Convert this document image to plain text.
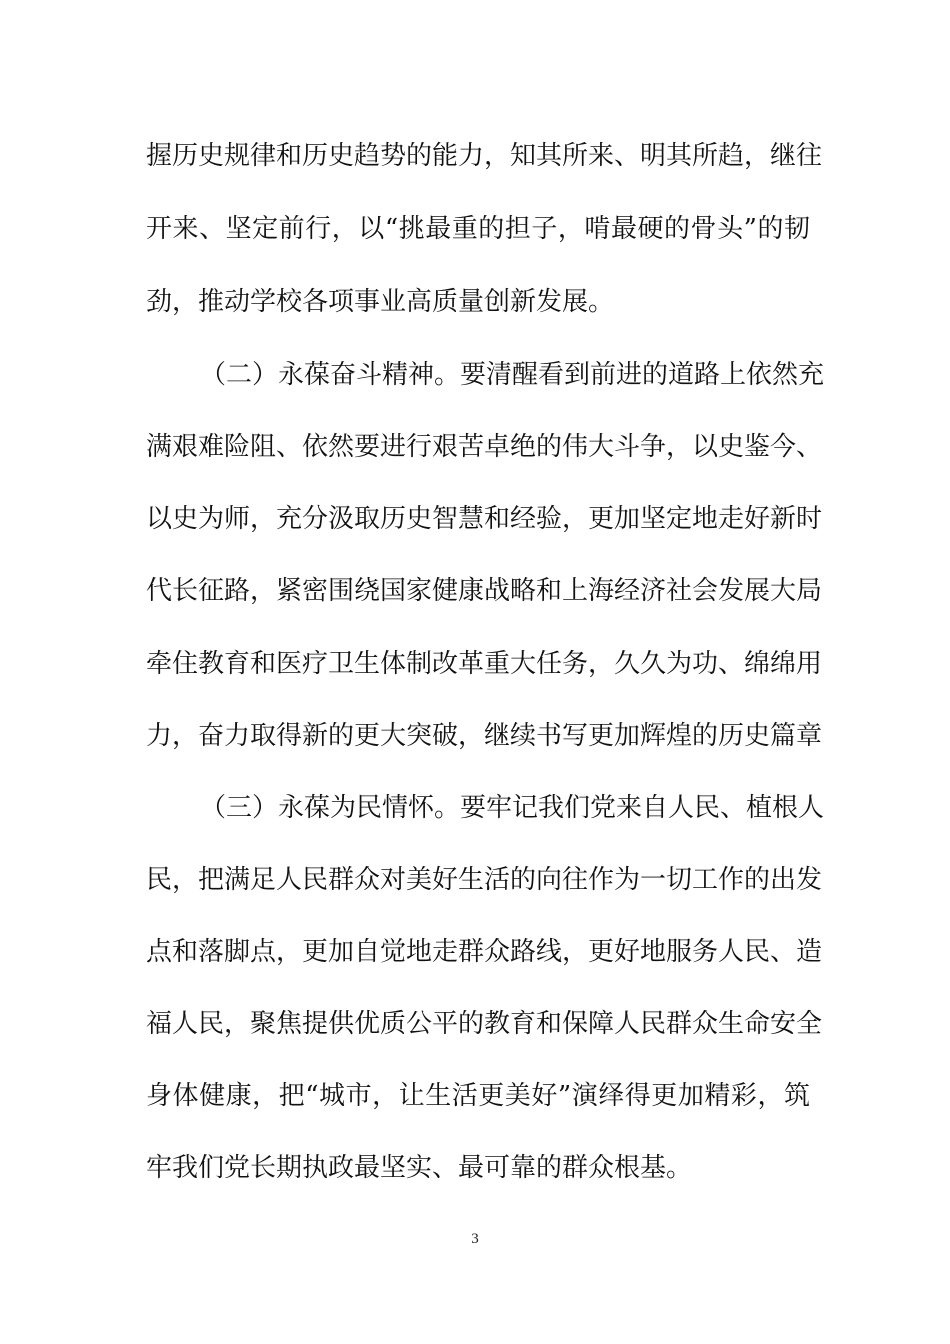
握历史规律和历史趋势的能力，知其所来、明其所趋，继往
开来、坚定前行，以“挑最重的担子，啃最硬的骨头”的韧
劲，推动学校各项事业高质量创新发展。
（二）永葆奋斗精神。要清醒看到前进的道路上依然充
满艰难险阻、依然要进行艰苦卓绝的伟大斗争，以史鉴今、
以史为师，充分汲取历史智慧和经验，更加坚定地走好新时
代长征路，紧密围绕国家健康战略和上海经济社会发展大局
牵住教育和医疗卫生体制改革重大任务，久久为功、绵绵用
力，奋力取得新的更大突破，继续书写更加辉煌的历史篇章
（三）永葆为民情怀。要牢记我们党来自人民、植根人
民，把满足人民群众对美好生活的向往作为一切工作的出发
点和落脚点，更加自觉地走群众路线，更好地服务人民、造
福人民，聚焦提供优质公平的教育和保障人民群众生命安全
身体健康，把“城市，让生活更美好”演绎得更加精彩，筑
牢我们党长期执政最坚实、最可靠的群众根基。
3
